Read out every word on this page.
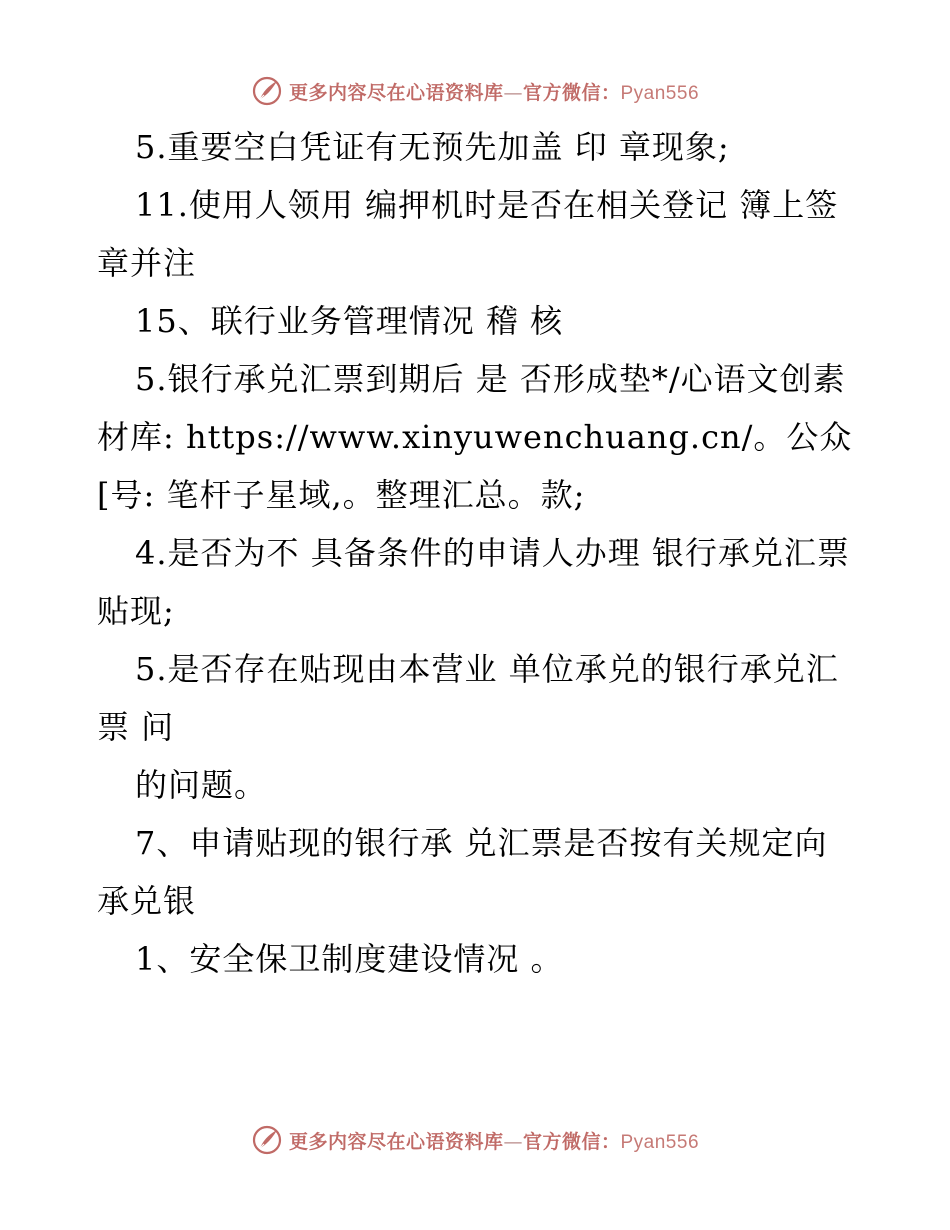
更多内容尽在心语资料库—官方微信：Pyan556

5.重要空白凭证有无预先加盖 印 章现象;

11.使用人领用 编押机时是否在相关登记 簿上签章并注

15、联行业务管理情况 稽 核

5.银行承兑汇票到期后 是 否形成垫*/心语文创素材库: https://www.xinyuwenchuang.cn/。公众[号: 笔杆子星域,。整理汇总。款;

4.是否为不 具备条件的申请人办理 银行承兑汇票贴现;

5.是否存在贴现由本营业 单位承兑的银行承兑汇票 问

的问题。

7、申请贴现的银行承 兑汇票是否按有关规定向承兑银

1、安全保卫制度建设情况 。

更多内容尽在心语资料库—官方微信：Pyan556
